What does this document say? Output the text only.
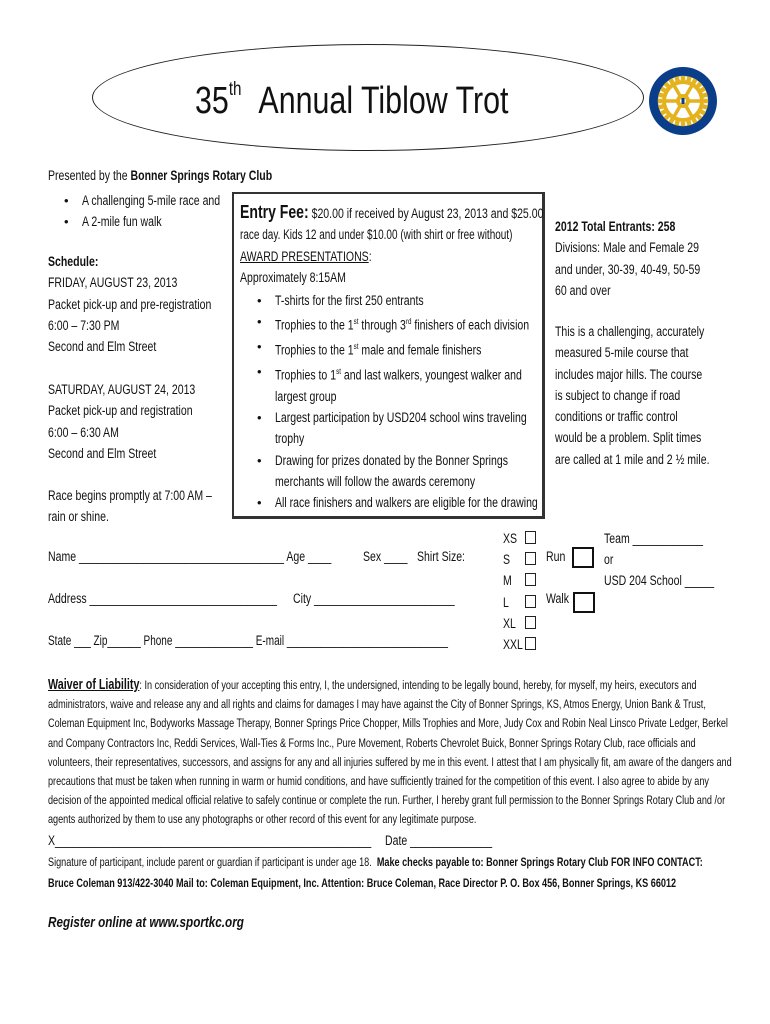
35th Annual Tiblow Trot
Presented by the Bonner Springs Rotary Club
• A challenging 5-mile race and
• A 2-mile fun walk
Schedule:
FRIDAY, AUGUST 23, 2013
Packet pick-up and pre-registration
6:00 – 7:30 PM
Second and Elm Street
SATURDAY, AUGUST 24, 2013
Packet pick-up and registration
6:00 – 6:30 AM
Second and Elm Street
Race begins promptly at 7:00 AM –
rain or shine.
Entry Fee: $20.00 if received by August 23, 2013 and $25.00
race day. Kids 12 and under $10.00 (with shirt or free without)
AWARD PRESENTATIONS:
Approximately 8:15AM
• T-shirts for the first 250 entrants
• Trophies to the 1st through 3rd finishers of each division
• Trophies to the 1st male and female finishers
• Trophies to 1st and last walkers, youngest walker and
largest group
• Largest participation by USD204 school wins traveling
trophy
• Drawing for prizes donated by the Bonner Springs
merchants will follow the awards ceremony
• All race finishers and walkers are eligible for the drawing
2012 Total Entrants: 258
Divisions: Male and Female 29
and under, 30-39, 40-49, 50-59
60 and over
This is a challenging, accurately
measured 5-mile course that
includes major hills. The course
is subject to change if road
conditions or traffic control
would be a problem. Split times
are called at 1 mile and 2 ½ mile.
Name ___________________________________ Age ____	Sex ____ Shirt Size:
Address ________________________________	City ________________________
State ___ Zip______ Phone ______________ E-mail _____________________________
XS
S
M
L
XL
XXL
Run
Walk
Team ____________
or
USD 204 School _____
Waiver of Liability: In consideration of your accepting this entry, I, the undersigned, intending to be legally bound, hereby, for myself, my heirs, executors and
administrators, waive and release any and all rights and claims for damages I may have against the City of Bonner Springs, KS, Atmos Energy, Union Bank & Trust,
Coleman Equipment Inc, Bodyworks Massage Therapy, Bonner Springs Price Chopper, Mills Trophies and More, Judy Cox and Robin Neal Linsco Private Ledger, Berkel
and Company Contractors Inc, Reddi Services, Wall-Ties & Forms Inc., Pure Movement, Roberts Chevrolet Buick, Bonner Springs Rotary Club, race officials and
volunteers, their representatives, successors, and assigns for any and all injuries suffered by me in this event. I attest that I am physically fit, am aware of the dangers and
precautions that must be taken when running in warm or humid conditions, and have sufficiently trained for the competition of this event. I also agree to abide by any
decision of the appointed medical official relative to safely continue or complete the run. Further, I hereby grant full permission to the Bonner Springs Rotary Club and /or
agents authorized by them to use any photographs or other record of this event for any legitimate purpose.
X______________________________________________________	Date ______________
Signature of participant, include parent or guardian if participant is under age 18. Make checks payable to: Bonner Springs Rotary Club FOR INFO CONTACT:
Bruce Coleman 913/422-3040 Mail to: Coleman Equipment, Inc. Attention: Bruce Coleman, Race Director P. O. Box 456, Bonner Springs, KS 66012
Register online at www.sportkc.org
